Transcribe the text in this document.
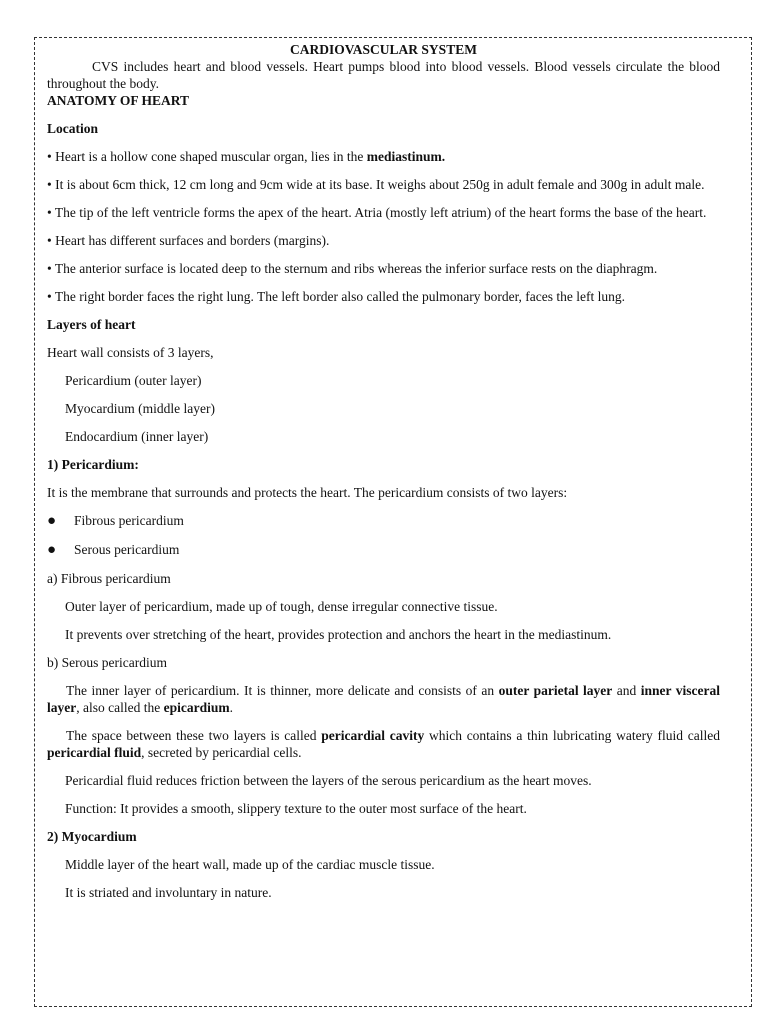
CARDIOVASCULAR SYSTEM

CVS includes heart and blood vessels. Heart pumps blood into blood vessels. Blood vessels circulate the blood throughout the body.

ANATOMY OF HEART

Location

• Heart is a hollow cone shaped muscular organ, lies in the mediastinum.

• It is about 6cm thick, 12 cm long and 9cm wide at its base. It weighs about 250g in adult female and 300g in adult male.

• The tip of the left ventricle forms the apex of the heart. Atria (mostly left atrium) of the heart forms the base of the heart.

• Heart has different surfaces and borders (margins).

• The anterior surface is located deep to the sternum and ribs whereas the inferior surface rests on the diaphragm.

• The right border faces the right lung. The left border also called the pulmonary border, faces the left lung.

Layers of heart

Heart wall consists of 3 layers,

Pericardium (outer layer)

Myocardium (middle layer)

Endocardium (inner layer)

1) Pericardium:

It is the membrane that surrounds and protects the heart. The pericardium consists of two layers:

● Fibrous pericardium

● Serous pericardium

a) Fibrous pericardium

Outer layer of pericardium, made up of tough, dense irregular connective tissue.

It prevents over stretching of the heart, provides protection and anchors the heart in the mediastinum.

b) Serous pericardium

The inner layer of pericardium. It is thinner, more delicate and consists of an outer parietal layer and inner visceral layer, also called the epicardium.

The space between these two layers is called pericardial cavity which contains a thin lubricating watery fluid called pericardial fluid, secreted by pericardial cells.

Pericardial fluid reduces friction between the layers of the serous pericardium as the heart moves.

Function: It provides a smooth, slippery texture to the outer most surface of the heart.

2) Myocardium

Middle layer of the heart wall, made up of the cardiac muscle tissue.

It is striated and involuntary in nature.
